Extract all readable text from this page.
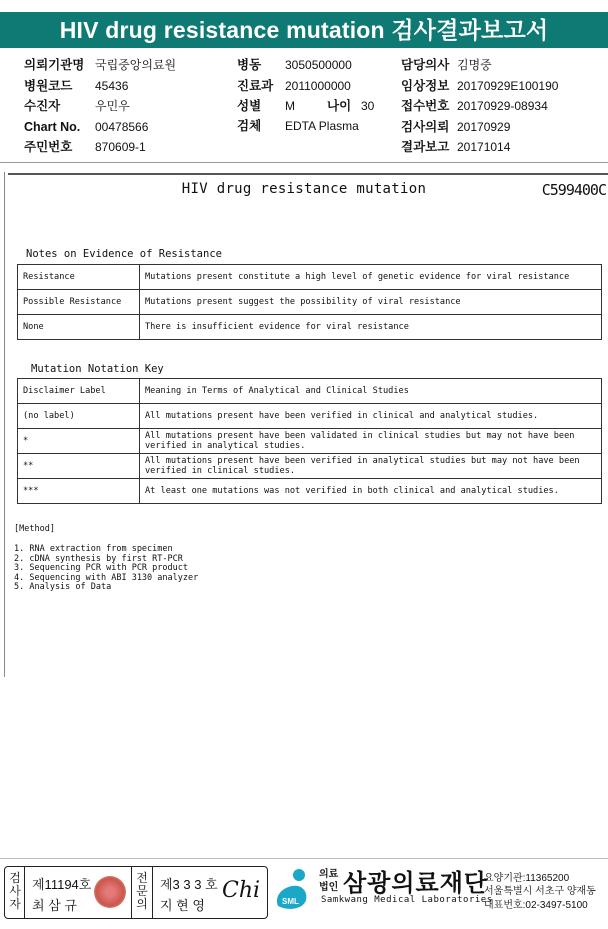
HIV drug resistance mutation 검사결과보고서
의뢰기관명 국립중앙의료원
병원코드 45436
수진자	우민우
Chart No. 00478566
주민번호 870609-1
병동 3050500000
진료과 2011000000
성별 M	나이 30
검체 EDTA Plasma
담당의사 김명중
임상정보 20170929E100190
접수번호 20170929-08934
검사의뢰 20170929
결과보고 20171014
HIV drug resistance mutation	C599400C
Notes on Evidence of Resistance
Resistance	Mutations present constitute a high level of genetic evidence for viral resistance
Possible Resistance	Mutations present suggest the possibility of viral resistance
None	There is insufficient evidence for viral resistance
Mutation Notation Key
Disclaimer Label	Meaning in Terms of Analytical and Clinical Studies
(no label)	All mutations present have been verified in clinical and analytical studies.
*	All mutations present have been validated in clinical studies but may not have been verified in analytical studies.
**	All mutations present have been verified in analytical studies but may not have been verified in clinical studies.
***	At least one mutations was not verified in both clinical and analytical studies.
[Method]
1. RNA extraction from specimen
2. cDNA synthesis by first RT-PCR
3. Sequencing PCR with PCR product
4. Sequencing with ABI 3130 analyzer
5. Analysis of Data
검사자
제11194호
최 삼 규
전문의
제3 3 3 호
지 현 영
Chi	SML
의료 법인 삼광의료재단
Samkwang Medical Laboratories
요양기관:11365200
서울특별시 서초구 양재동
대표번호:02-3497-5100
